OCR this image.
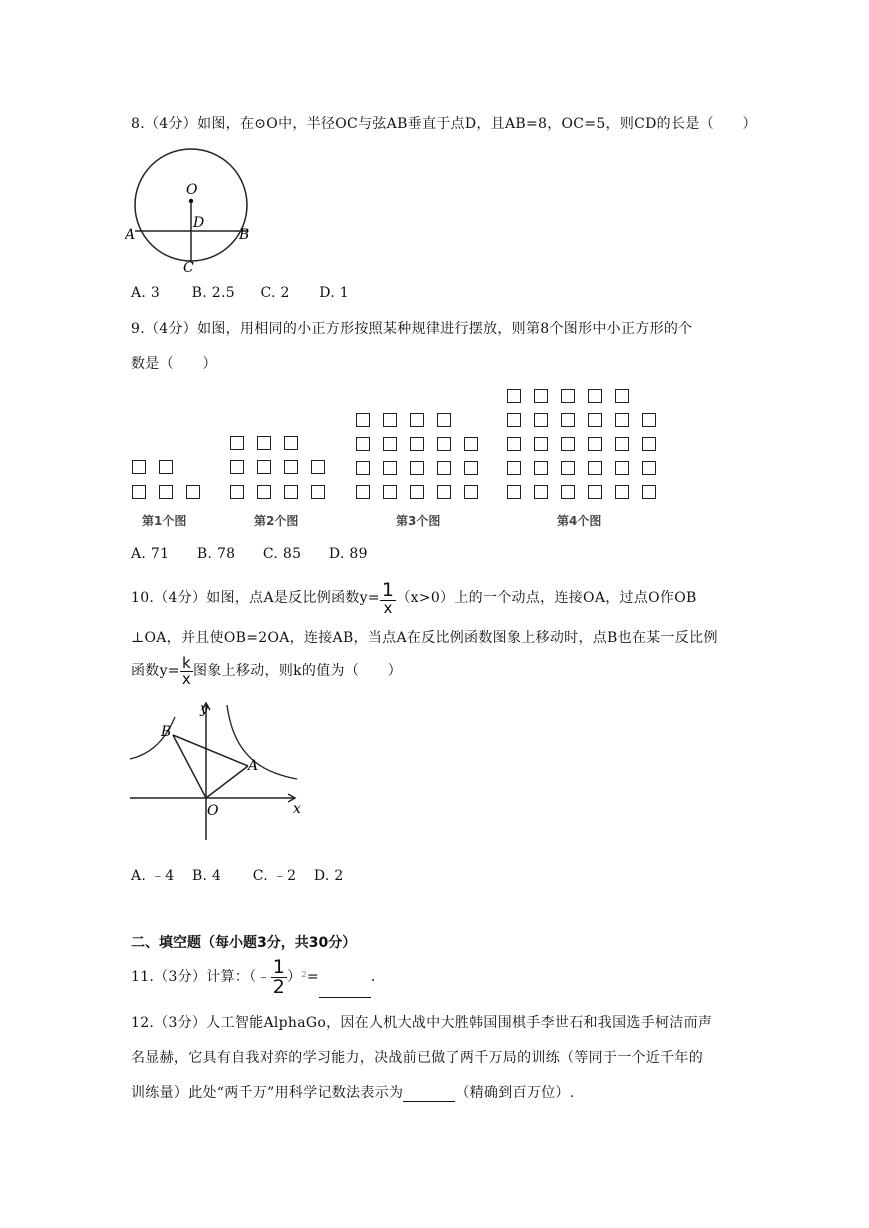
8.（4分）如图，在⊙O中，半径OC与弦AB垂直于点D，且AB=8，OC=5，则CD的长是（　　）
O
D
A	B
C
A. 3 B. 2.5 C. 2 D. 1
9.（4分）如图，用相同的小正方形按照某种规律进行摆放，则第8个图形中小正方形的个
数是（　　）
第1个图	第2个图	第3个图	第4个图
A. 71 B. 78 C. 85 D. 89
10.（4分）如图，点A是反比例函数$y= \frac{1}{x} (x>0)$上的一个动点，连接OA，过点O作OB
⊥OA，并且使OB=2OA，连接AB，当点A在反比例函数图象上移动时，点B也在某一反比例
函数$y= \frac{k}{x}$ 图象上移动，则k的值为（　　）
y
B
A
O	x
A. ﹣4 B. 4 C. ﹣2 D. 2
二、填空题（每小题3分，共30分）
11.（3分）计算：（﹣ $\frac{1}{2} )^2=$	.
12.（3分）人工智能AlphaGo，因在人机大战中大胜韩国围棋手李世石和我国选手柯洁而声
名显赫，它具有自我对弈的学习能力，决战前已做了两千万局的训练（等同于一个近千年的
训练量）此处“两千万”用科学记数法表示为	（精确到百万位）.
